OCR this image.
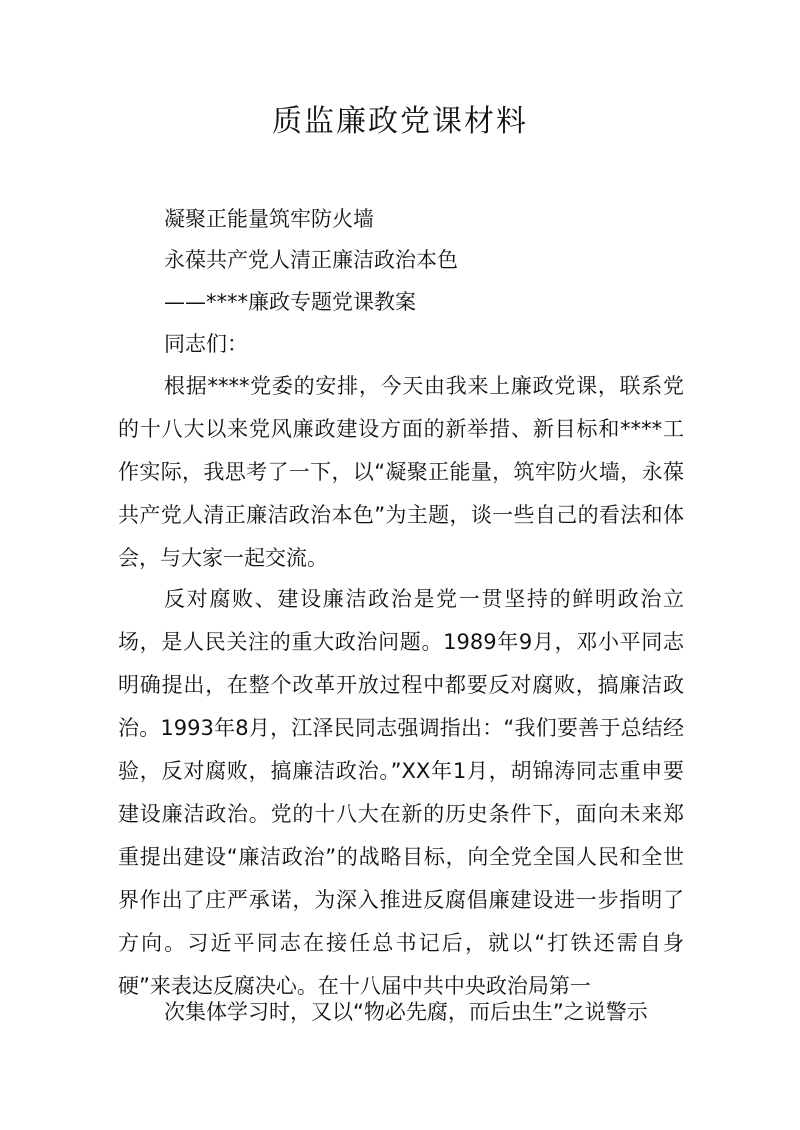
质监廉政党课材料
凝聚正能量筑牢防火墙
永葆共产党人清正廉洁政治本色
——****廉政专题党课教案
同志们：
根据****党委的安排，今天由我来上廉政党课，联系党的十八大以来党风廉政建设方面的新举措、新目标和****工作实际，我思考了一下，以“凝聚正能量，筑牢防火墙，永葆共产党人清正廉洁政治本色”为主题，谈一些自己的看法和体会，与大家一起交流。
反对腐败、建设廉洁政治是党一贯坚持的鲜明政治立场，是人民关注的重大政治问题。1989年9月，邓小平同志明确提出，在整个改革开放过程中都要反对腐败，搞廉洁政治。1993年8月，江泽民同志强调指出：“我们要善于总结经验，反对腐败，搞廉洁政治。”XX年1月，胡锦涛同志重申要建设廉洁政治。党的十八大在新的历史条件下，面向未来郑重提出建设“廉洁政治”的战略目标，向全党全国人民和全世界作出了庄严承诺，为深入推进反腐倡廉建设进一步指明了方向。习近平同志在接任总书记后，就以“打铁还需自身硬”来表达反腐决心。在十八届中共中央政治局第一
次集体学习时，又以“物必先腐，而后虫生”之说警示
